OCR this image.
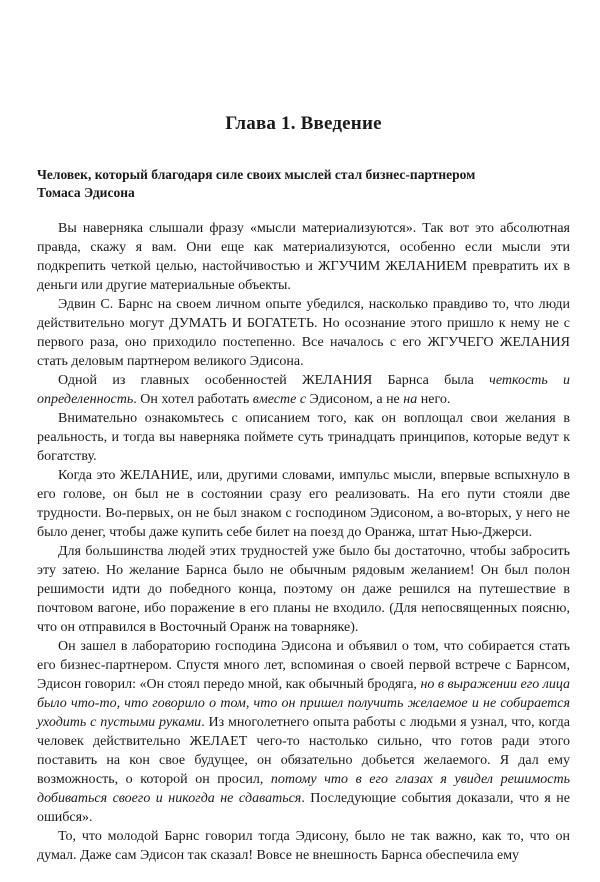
Глава 1. Введение
Человек, который благодаря силе своих мыслей стал бизнес-партнером Томаса Эдисона

Вы наверняка слышали фразу «мысли материализуются». Так вот это абсолютная правда, скажу я вам. Они еще как материализуются, особенно если мысли эти подкрепить четкой целью, настойчивостью и ЖГУЧИМ ЖЕЛАНИЕМ превратить их в деньги или другие материальные объекты.

Эдвин С. Барнс на своем личном опыте убедился, насколько правдиво то, что люди действительно могут ДУМАТЬ И БОГАТЕТЬ. Но осознание этого пришло к нему не с первого раза, оно приходило постепенно. Все началось с его ЖГУЧЕГО ЖЕЛАНИЯ стать деловым партнером великого Эдисона.

Одной из главных особенностей ЖЕЛАНИЯ Барнса была четкость и определенность. Он хотел работать вместе с Эдисоном, а не на него.

Внимательно ознакомьтесь с описанием того, как он воплощал свои желания в реальность, и тогда вы наверняка поймете суть тринадцать принципов, которые ведут к богатству.

Когда это ЖЕЛАНИЕ, или, другими словами, импульс мысли, впервые вспыхнуло в его голове, он был не в состоянии сразу его реализовать. На его пути стояли две трудности. Во-первых, он не был знаком с господином Эдисоном, а во-вторых, у него не было денег, чтобы даже купить себе билет на поезд до Оранжа, штат Нью-Джерси.

Для большинства людей этих трудностей уже было бы достаточно, чтобы забросить эту затею. Но желание Барнса было не обычным рядовым желанием! Он был полон решимости идти до победного конца, поэтому он даже решился на путешествие в почтовом вагоне, ибо поражение в его планы не входило. (Для непосвященных поясню, что он отправился в Восточный Оранж на товарняке).

Он зашел в лабораторию господина Эдисона и объявил о том, что собирается стать его бизнес-партнером. Спустя много лет, вспоминая о своей первой встрече с Барнсом, Эдисон говорил: «Он стоял передо мной, как обычный бродяга, но в выражении его лица было что-то, что говорило о том, что он пришел получить желаемое и не собирается уходить с пустыми руками. Из многолетнего опыта работы с людьми я узнал, что, когда человек действительно ЖЕЛАЕТ чего-то настолько сильно, что готов ради этого поставить на кон свое будущее, он обязательно добьется желаемого. Я дал ему возможность, о которой он просил, потому что в его глазах я увидел решимость добиваться своего и никогда не сдаваться. Последующие события доказали, что я не ошибся».

То, что молодой Барнс говорил тогда Эдисону, было не так важно, как то, что он думал. Даже сам Эдисон так сказал! Вовсе не внешность Барнса обеспечила ему
